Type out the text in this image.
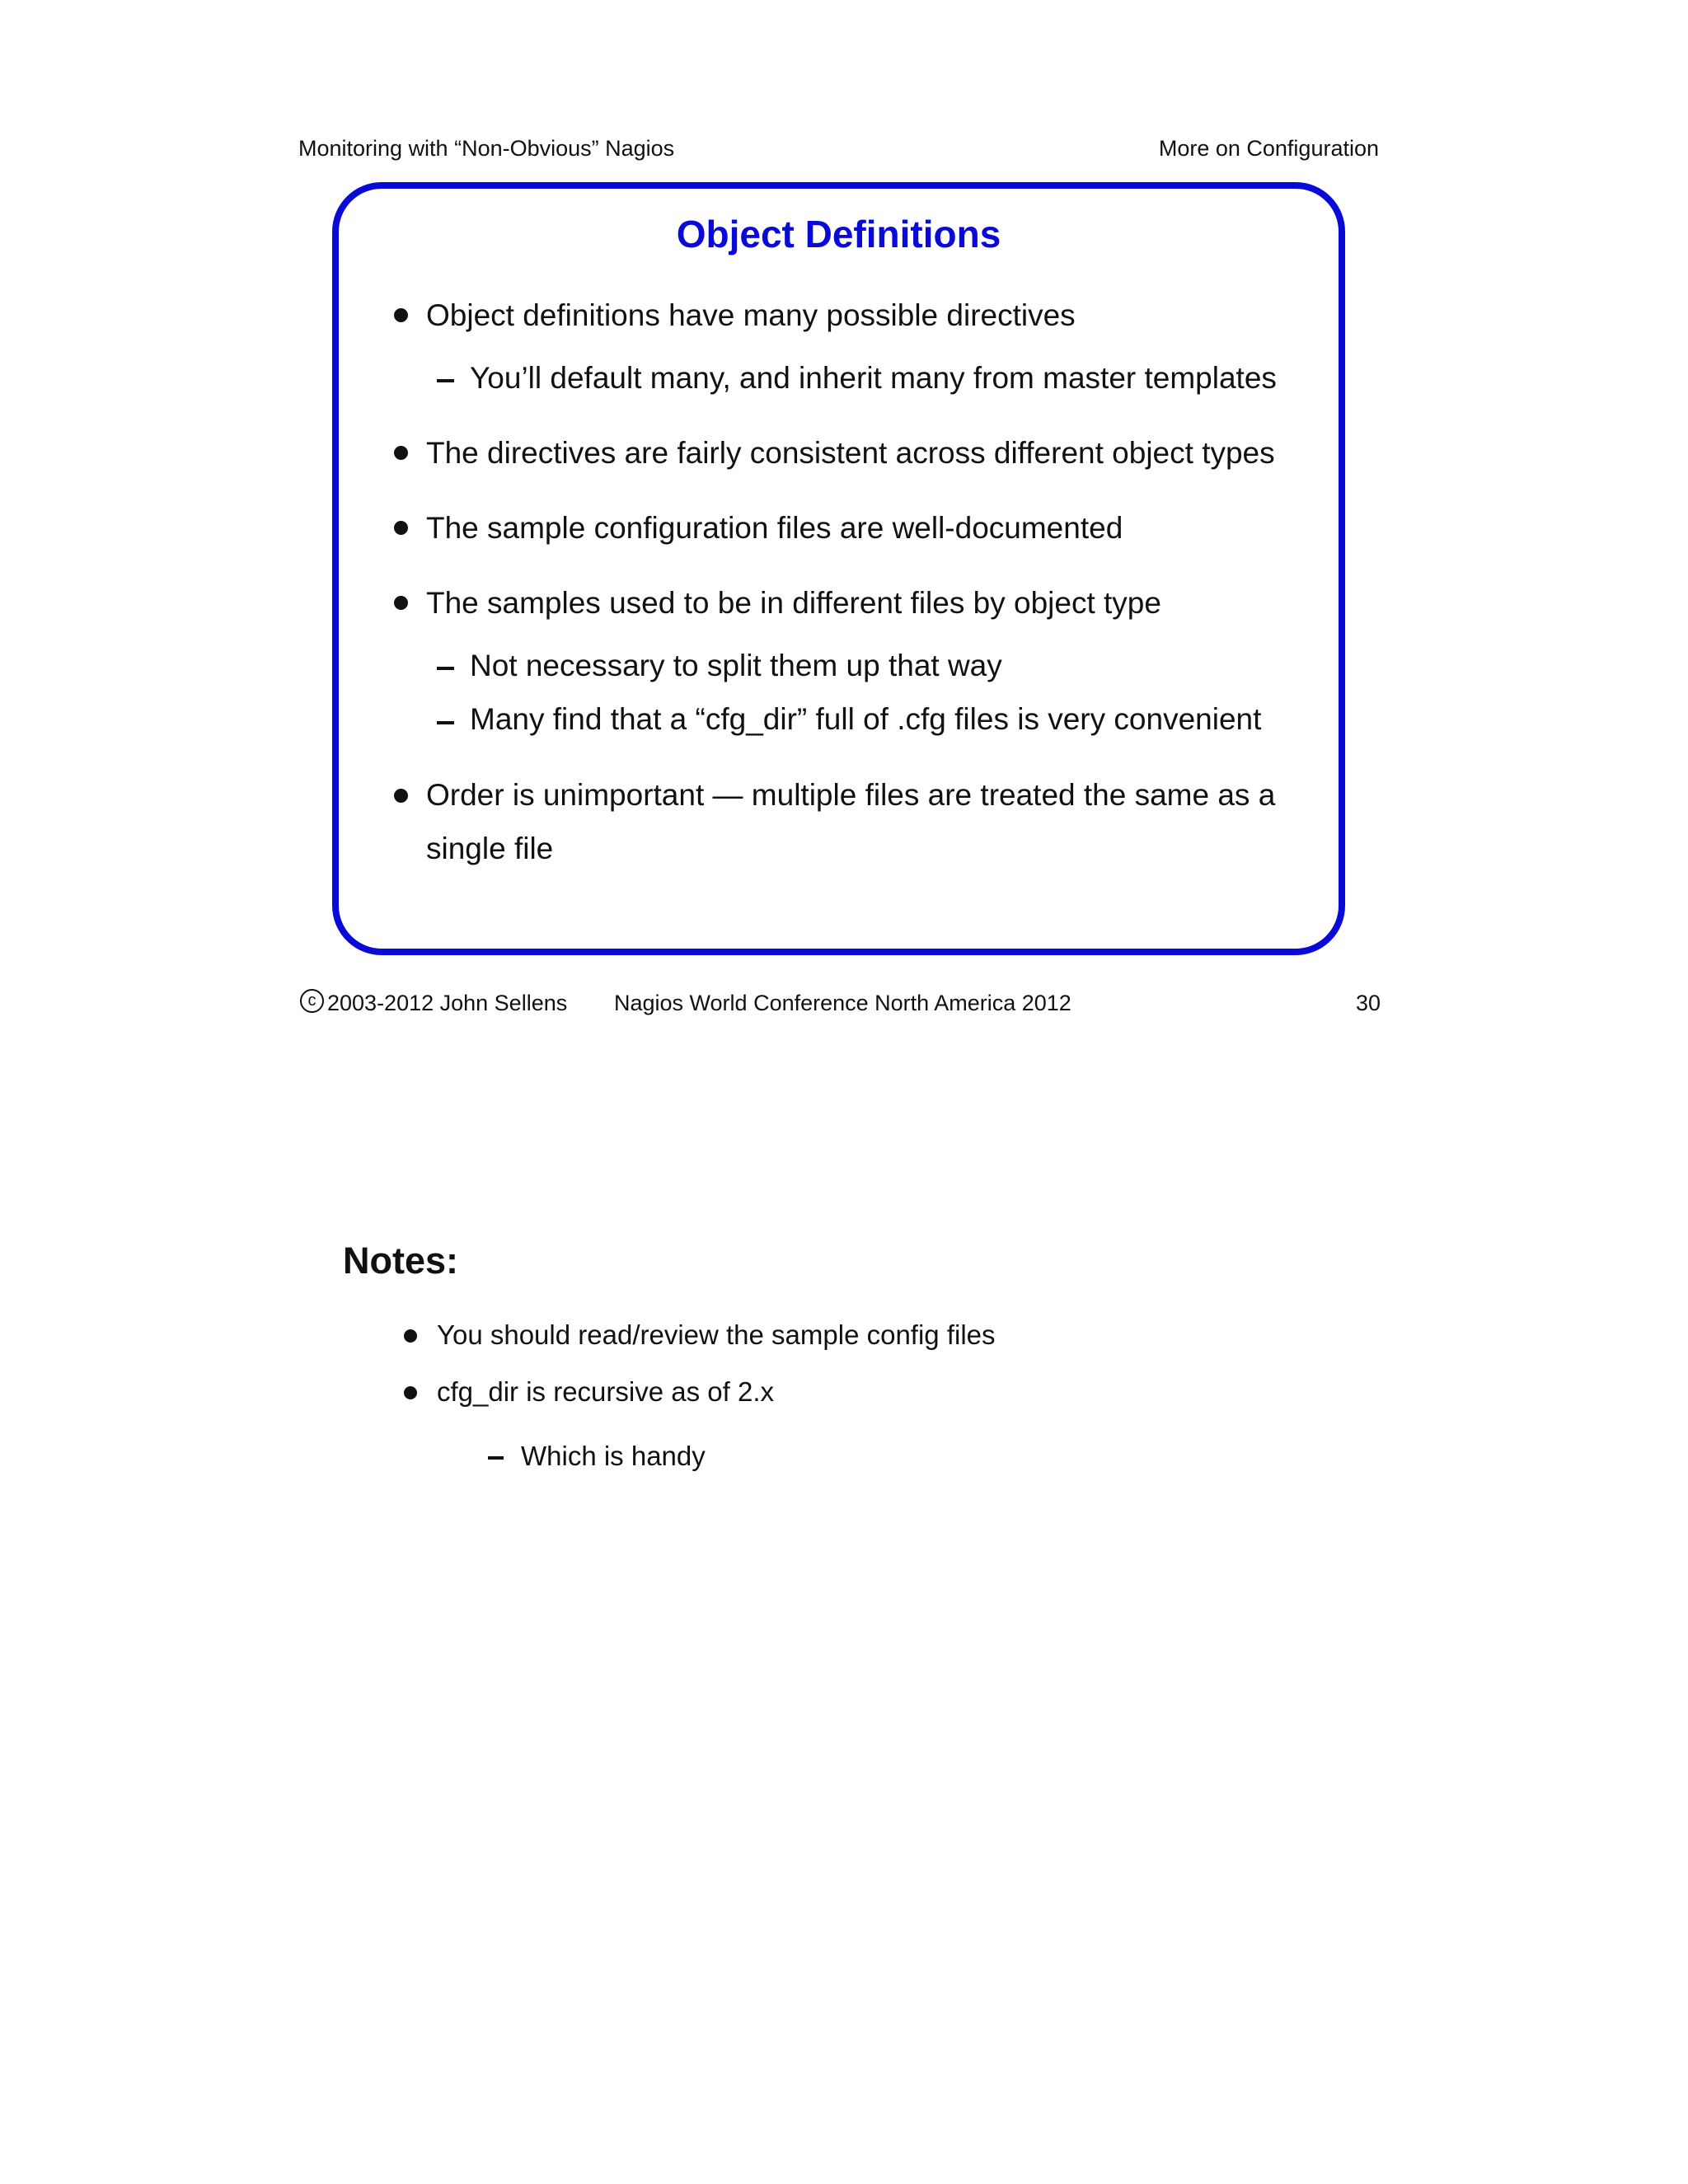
Monitoring with “Non-Obvious” Nagios	More on Configuration
Object Definitions
Object definitions have many possible directives
You’ll default many, and inherit many from master templates
The directives are fairly consistent across different object types
The sample configuration files are well-documented
The samples used to be in different files by object type
Not necessary to split them up that way
Many find that a “cfg_dir” full of .cfg files is very convenient
Order is unimportant — multiple files are treated the same as a
single file
c 2003-2012 John Sellens Nagios World Conference North America 2012	30
Notes:
You should read/review the sample config files
cfg_dir is recursive as of 2.x
Which is handy
